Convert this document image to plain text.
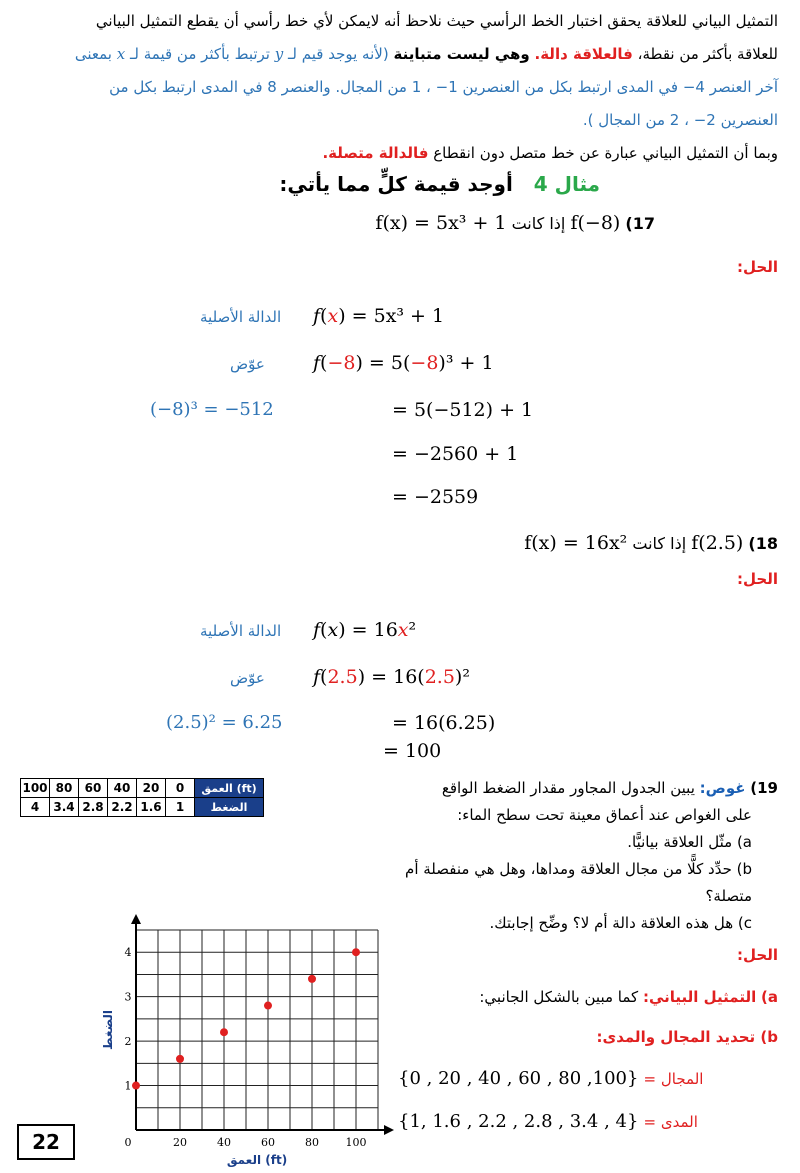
التمثيل البياني للعلاقة يحقق اختبار الخط الرأسي حيث نلاحظ أنه لايمكن لأي خط رأسي أن يقطع التمثيل البياني
للعلاقة بأكثر من نقطة، فالعلاقة دالة. وهي ليست متباينة (لأنه يوجد قيم لـ y ترتبط بأكثر من قيمة لـ x بمعنى
آخر العنصر 4− في المدى ارتبط بكل من العنصرين 1− ، 1 من المجال. والعنصر 8 في المدى ارتبط بكل من
العنصرين 2− ، 2 من المجال ).
وبما أن التمثيل البياني عبارة عن خط متصل دون انقطاع فالدالة متصلة.
مثال 4   أوجد قيمة كلٍّ مما يأتي:
17) f(−8) إذا كانت f(x) = 5x³ + 1
الحل:
الدالة الأصلية f(x) = 5x³ + 1
عوّض	f(−8) = 5(−8)³ + 1
(−8)³ = −512	= 5(−512) + 1
= −2560 + 1
= −2559
18) f(2.5) إذا كانت f(x) = 16x²
الحل:
الدالة الأصلية f(x) = 16x²
عوّض	f(2.5) = 16(2.5)²
(2.5)² = 6.25	= 16(6.25)
= 100
100	80	60	40	20	0	العمق (ft)
4	3.4	2.8	2.2	1.6	1	الضغط
19) غوص: يبين الجدول المجاور مقدار الضغط الواقع
على الغواص عند أعماق معينة تحت سطح الماء:
a) مثّل العلاقة بيانيًّا.
b) حدِّد كلًّا من مجال العلاقة ومداها، وهل هي منفصلة أم متصلة؟
c) هل هذه العلاقة دالة أم لا؟ وضِّح إجابتك.
0	20	40	60	80 100
1
2
3
4
العمق (ft)
الضغط
الحل:
a) التمثيل البياني: كما مبين بالشكل الجانبي:
b) تحديد المجال والمدى:
{0 , 20 , 40 , 60 , 80 ,100} المجال =
{1, 1.6 , 2.2 , 2.8 , 3.4 , 4} المدى =
22
